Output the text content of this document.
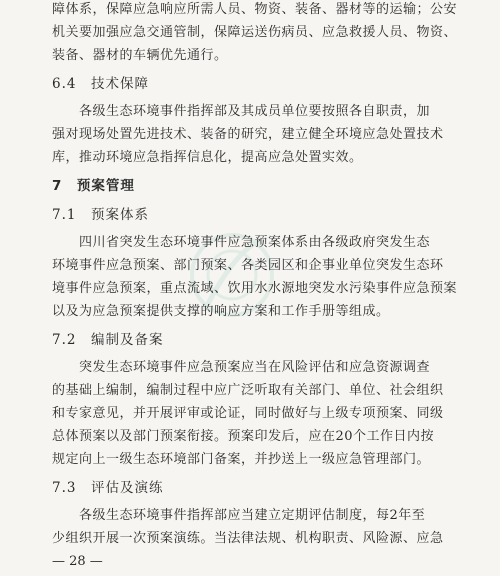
障体系，保障应急响应所需人员、物资、装备、器材等的运输；公安
机关要加强应急交通管制，保障运送伤病员、应急救援人员、物资、
装备、器材的车辆优先通行。
6.4　技术保障
　　各级生态环境事件指挥部及其成员单位要按照各自职责，加
强对现场处置先进技术、装备的研究，建立健全环境应急处置技术
库，推动环境应急指挥信息化，提高应急处置实效。
7　预案管理
7.1　预案体系
　　四川省突发生态环境事件应急预案体系由各级政府突发生态
环境事件应急预案、部门预案、各类园区和企事业单位突发生态环
境事件应急预案，重点流域、饮用水水源地突发水污染事件应急预案
以及为应急预案提供支撑的响应方案和工作手册等组成。
7.2　编制及备案
　　突发生态环境事件应急预案应当在风险评估和应急资源调查
的基础上编制，编制过程中应广泛听取有关部门、单位、社会组织
和专家意见，并开展评审或论证，同时做好与上级专项预案、同级
总体预案以及部门预案衔接。预案印发后，应在20个工作日内按
规定向上一级生态环境部门备案，并抄送上一级应急管理部门。
7.3　评估及演练
　　各级生态环境事件指挥部应当建立定期评估制度，每2年至
少组织开展一次预案演练。当法律法规、机构职责、风险源、应急
— 28 —
